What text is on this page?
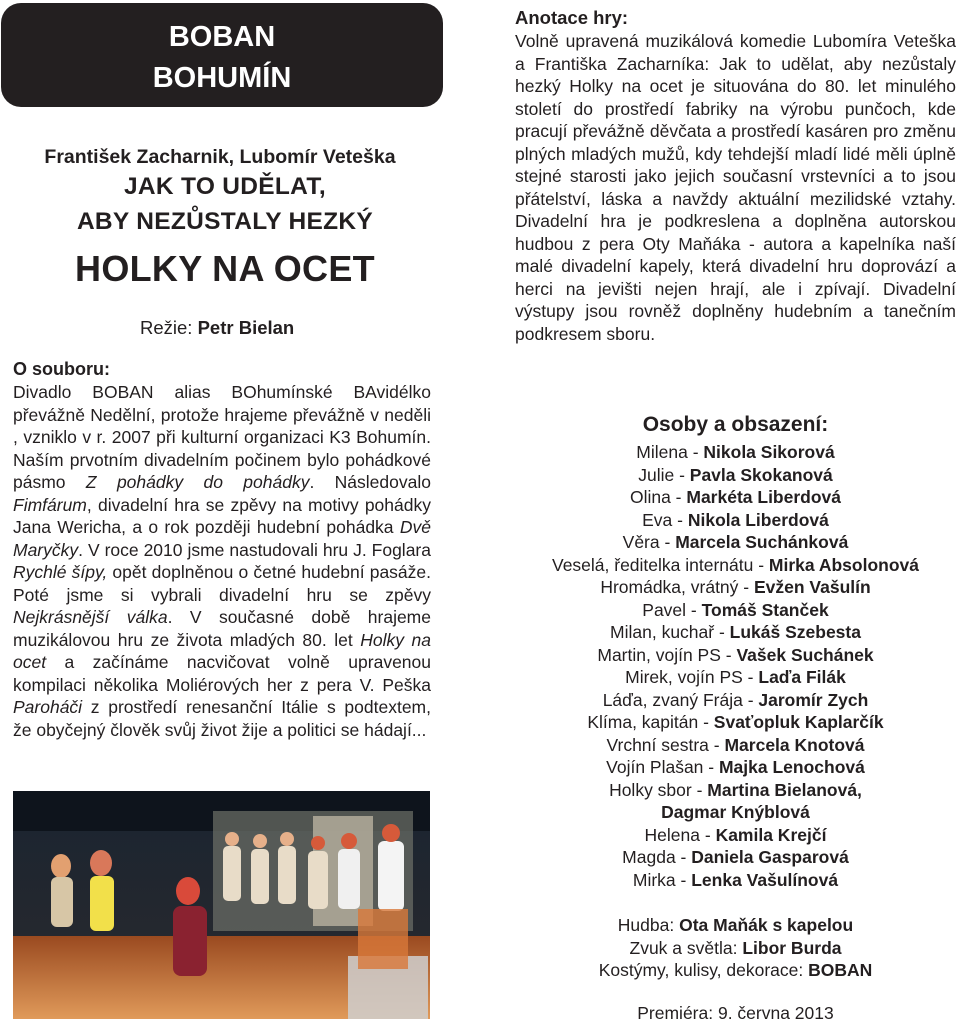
BOBAN
BOHUMÍN
František Zacharnik, Lubomír Veteška
JAK TO UDĚLAT,
ABY NEZŮSTALY HEZKÝ
HOLKY NA OCET
Režie: Petr Bielan
O souboru:
Divadlo BOBAN alias BOhumínské BAvidélko převážně Nedělní, protože hrajeme převážně v neděli , vzniklo v r. 2007 při kulturní organizaci K3 Bohumín. Naším prvotním divadelním počinem bylo pohádkové pásmo Z pohádky do pohádky. Následovalo Fimfárum, divadelní hra se zpěvy na motivy pohádky Jana Wericha, a o rok později hudební pohádka Dvě Maryčky. V roce 2010 jsme nastudovali hru J. Foglara Rychlé šípy, opět doplněnou o četné hudební pasáže. Poté jsme si vybrali divadelní hru se zpěvy Nejkrásnější válka. V současné době hrajeme muzikálovou hru ze života mladých 80. let Holky na ocet a začínáme nacvičovat volně upravenou kompilaci několika Moliérových her z pera V. Peška Paroháči z prostředí renesanční Itálie s podtextem, že obyčejný člověk svůj život žije a politici se hádají...
Anotace hry:
Volně upravená muzikálová komedie Lubomíra Veteška a Františka Zacharníka: Jak to udělat, aby nezůstaly hezký Holky na ocet je situována do 80. let minulého století do prostředí fabriky na výrobu punčoch, kde pracují převážně děvčata a prostředí kasáren pro změnu plných mladých mužů, kdy tehdejší mladí lidé měli úplně stejné starosti jako jejich současní vrstevníci a to jsou přátelství, láska a navždy aktuální mezilidské vztahy. Divadelní hra je podkreslena a doplněna autorskou hudbou z pera Oty Maňáka - autora a kapelníka naší malé divadelní kapely, která divadelní hru doprovází a herci na jevišti nejen hrají, ale i zpívají. Divadelní výstupy jsou rovněž doplněny hudebním a tanečním podkresem sboru.
Osoby a obsazení:
Milena - Nikola Sikorová
Julie - Pavla Skokanová
Olina - Markéta Liberdová
Eva - Nikola Liberdová
Věra - Marcela Suchánková
Veselá, ředitelka internátu - Mirka Absolonová
Hromádka, vrátný - Evžen Vašulín
Pavel - Tomáš Stanček
Milan, kuchař - Lukáš Szebesta
Martin, vojín PS - Vašek Suchánek
Mirek, vojín PS - Laďa Filák
Láďa, zvaný Frája - Jaromír Zych
Klíma, kapitán - Svaťopluk Kaplarčík
Vrchní sestra - Marcela Knotová
Vojín Plašan - Majka Lenochová
Holky sbor - Martina Bielanová,
Dagmar Knýblová
Helena - Kamila Krejčí
Magda - Daniela Gasparová
Mirka - Lenka Vašulínová
Hudba: Ota Maňák s kapelou
Zvuk a světla: Libor Burda
Kostýmy, kulisy, dekorace: BOBAN
Premiéra: 9. června 2013
